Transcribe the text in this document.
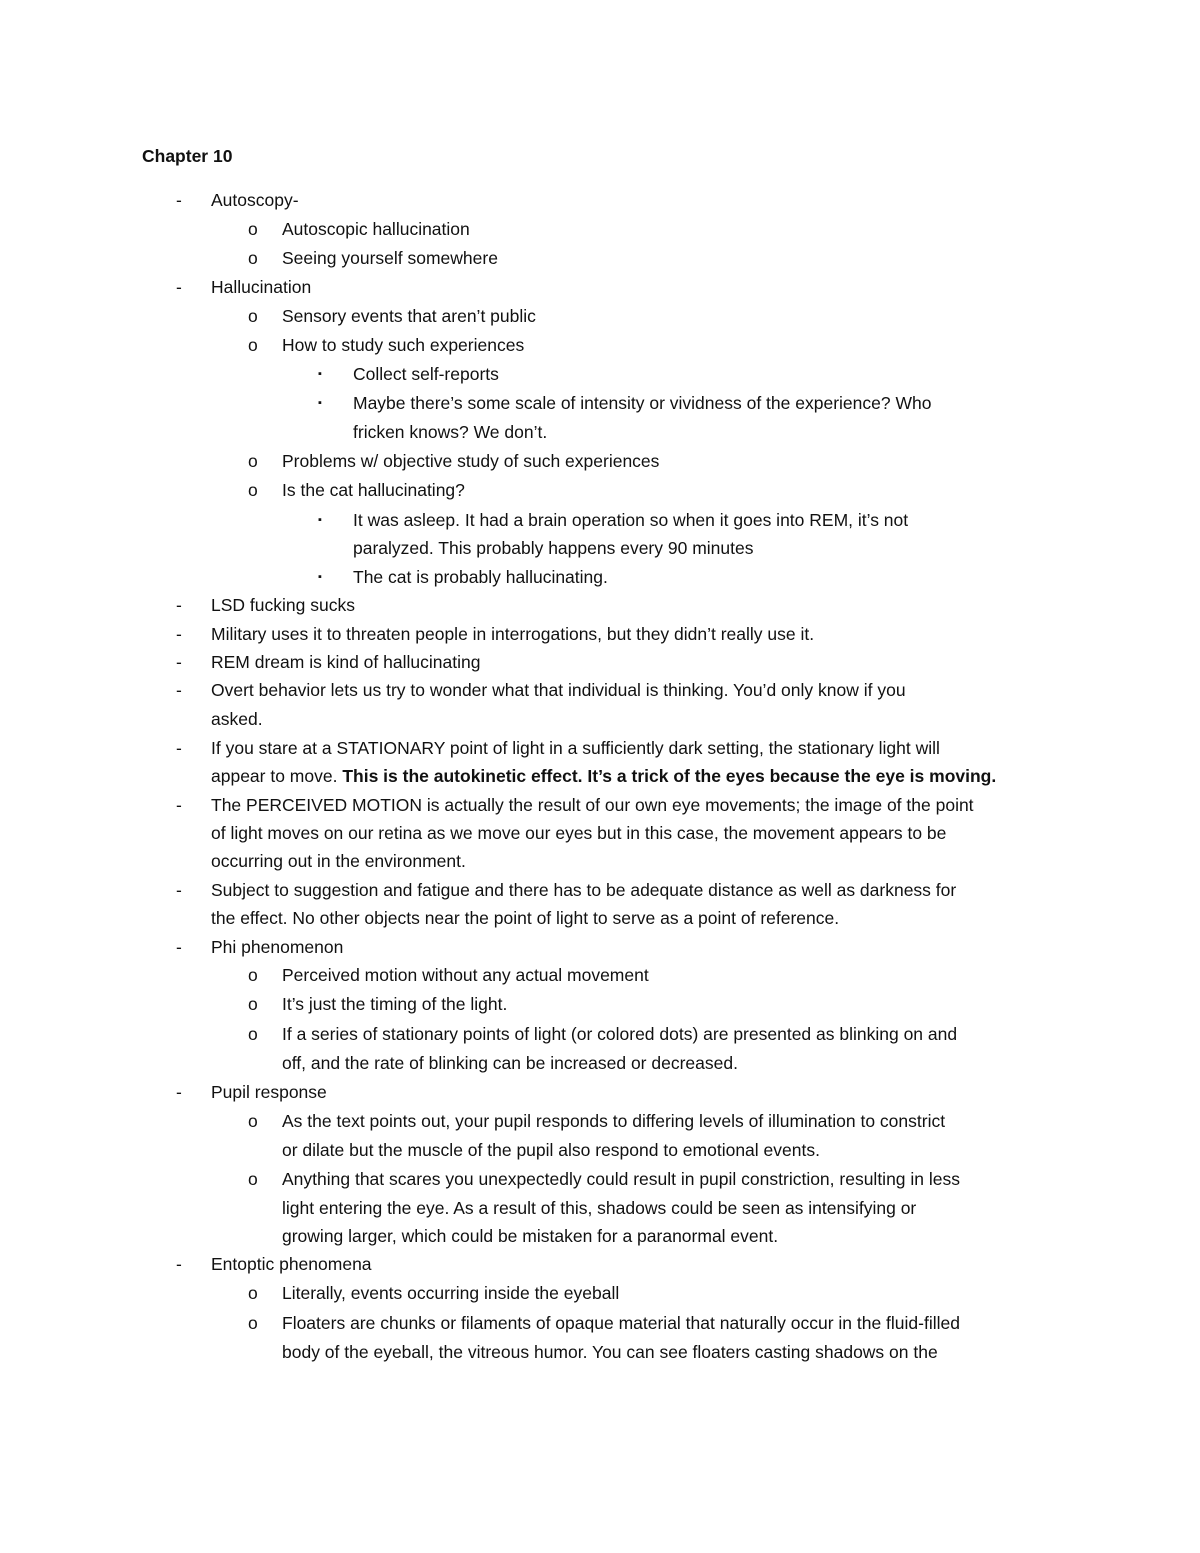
Chapter 10
- Autoscopy-
o Autoscopic hallucination
o Seeing yourself somewhere
- Hallucination
o Sensory events that aren’t public
o How to study such experiences
▪ Collect self-reports
▪ Maybe there’s some scale of intensity or vividness of the experience? Who
fricken knows? We don’t.
o Problems w/ objective study of such experiences
o Is the cat hallucinating?
▪ It was asleep. It had a brain operation so when it goes into REM, it’s not
paralyzed. This probably happens every 90 minutes
▪ The cat is probably hallucinating.
- LSD fucking sucks
- Military uses it to threaten people in interrogations, but they didn’t really use it.
- REM dream is kind of hallucinating
- Overt behavior lets us try to wonder what that individual is thinking. You’d only know if you
asked.
- If you stare at a STATIONARY point of light in a sufficiently dark setting, the stationary light will
appear to move. This is the autokinetic effect. It’s a trick of the eyes because the eye is moving.
- The PERCEIVED MOTION is actually the result of our own eye movements; the image of the point
of light moves on our retina as we move our eyes but in this case, the movement appears to be
occurring out in the environment.
- Subject to suggestion and fatigue and there has to be adequate distance as well as darkness for
the effect. No other objects near the point of light to serve as a point of reference.
- Phi phenomenon
o Perceived motion without any actual movement
o It’s just the timing of the light.
o If a series of stationary points of light (or colored dots) are presented as blinking on and
off, and the rate of blinking can be increased or decreased.
- Pupil response
o As the text points out, your pupil responds to differing levels of illumination to constrict
or dilate but the muscle of the pupil also respond to emotional events.
o Anything that scares you unexpectedly could result in pupil constriction, resulting in less
light entering the eye. As a result of this, shadows could be seen as intensifying or
growing larger, which could be mistaken for a paranormal event.
- Entoptic phenomena
o Literally, events occurring inside the eyeball
o Floaters are chunks or filaments of opaque material that naturally occur in the fluid-filled
body of the eyeball, the vitreous humor. You can see floaters casting shadows on the
